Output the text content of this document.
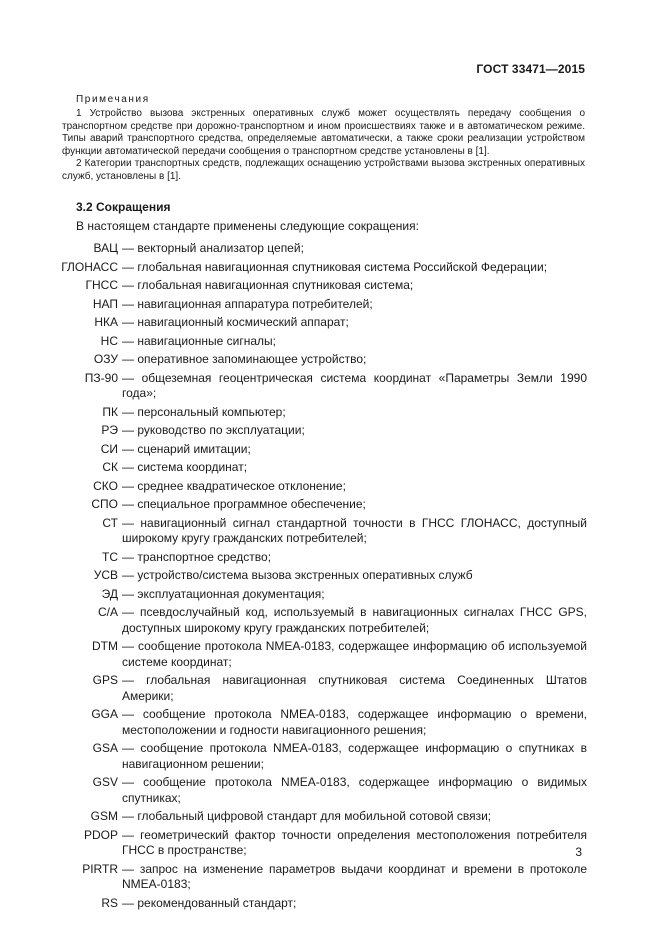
ГОСТ 33471—2015
Примечания
1 Устройство вызова экстренных оперативных служб может осуществлять передачу сообщения о транспортном средстве при дорожно-транспортном и ином происшествиях также и в автоматическом режиме. Типы аварий транспортного средства, определяемые автоматически, а также сроки реализации устройством функции автоматической передачи сообщения о транспортном средстве установлены в [1].
2 Категории транспортных средств, подлежащих оснащению устройствами вызова экстренных оперативных служб, установлены в [1].
3.2 Сокращения
В настоящем стандарте применены следующие сокращения:
ВАЦ — векторный анализатор цепей;
ГЛОНАСС — глобальная навигационная спутниковая система Российской Федерации;
ГНСС — глобальная навигационная спутниковая система;
НАП — навигационная аппаратура потребителей;
НКА — навигационный космический аппарат;
НС — навигационные сигналы;
ОЗУ — оперативное запоминающее устройство;
ПЗ-90 — общеземная геоцентрическая система координат «Параметры Земли 1990 года»;
ПК — персональный компьютер;
РЭ — руководство по эксплуатации;
СИ — сценарий имитации;
СК — система координат;
СКО — среднее квадратическое отклонение;
СПО — специальное программное обеспечение;
СТ — навигационный сигнал стандартной точности в ГНСС ГЛОНАСС, доступный широкому кругу гражданских потребителей;
ТС — транспортное средство;
УСВ — устройство/система вызова экстренных оперативных служб
ЭД — эксплуатационная документация;
C/A — псевдослучайный код, используемый в навигационных сигналах ГНСС GPS, доступных широкому кругу гражданских потребителей;
DTM — сообщение протокола NMEA-0183, содержащее информацию об используемой системе координат;
GPS — глобальная навигационная спутниковая система Соединенных Штатов Америки;
GGA — сообщение протокола NMEA-0183, содержащее информацию о времени, местоположении и годности навигационного решения;
GSA — сообщение протокола NMEA-0183, содержащее информацию о спутниках в навигационном решении;
GSV — сообщение протокола NMEA-0183, содержащее информацию о видимых спутниках;
GSM — глобальный цифровой стандарт для мобильной сотовой связи;
PDOP — геометрический фактор точности определения местоположения потребителя ГНСС в пространстве;
PIRTR — запрос на изменение параметров выдачи координат и времени в протоколе NMEA-0183;
RS — рекомендованный стандарт;
3
